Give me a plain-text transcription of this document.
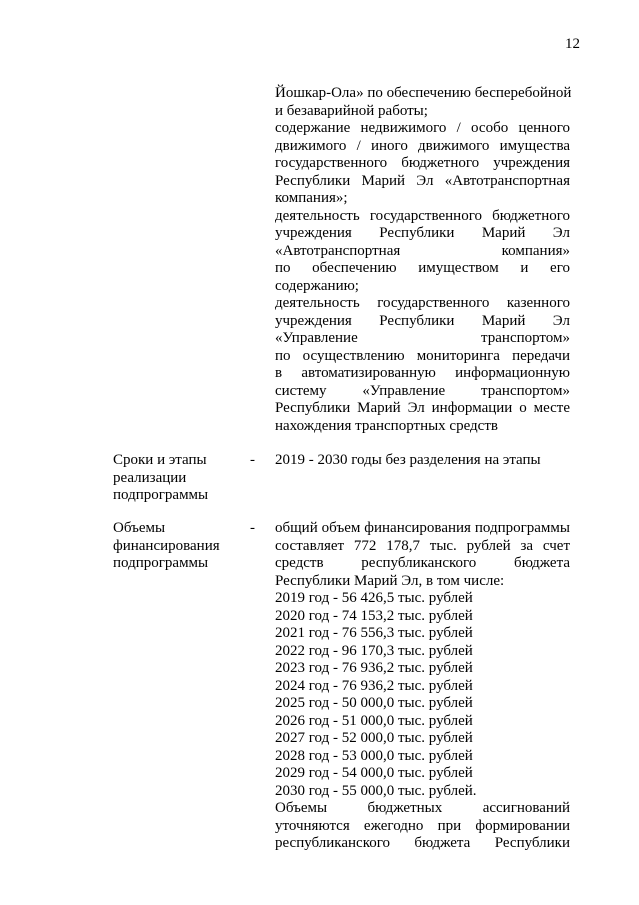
12
Йошкар-Ола» по обеспечению бесперебойной
и безаварийной работы;
содержание недвижимого / особо ценного
движимого / иного движимого имущества
государственного бюджетного учреждения
Республики Марий Эл «Автотранспортная
компания»;
деятельность государственного бюджетного
учреждения Республики Марий Эл
«Автотранспортная компания»
по обеспечению имуществом и его
содержанию;
деятельность государственного казенного
учреждения Республики Марий Эл
«Управление транспортом»
по осуществлению мониторинга передачи
в автоматизированную информационную
систему «Управление транспортом»
Республики Марий Эл информации о месте
нахождения транспортных средств
Сроки и этапы
реализации
подпрограммы
- 2019 - 2030 годы без разделения на этапы
Объемы
финансирования
подпрограммы
- общий объем финансирования подпрограммы
составляет 772 178,7 тыс. рублей за счет
средств республиканского бюджета
Республики Марий Эл, в том числе:
2019 год - 56 426,5 тыс. рублей
2020 год - 74 153,2 тыс. рублей
2021 год - 76 556,3 тыс. рублей
2022 год - 96 170,3 тыс. рублей
2023 год - 76 936,2 тыс. рублей
2024 год - 76 936,2 тыс. рублей
2025 год - 50 000,0 тыс. рублей
2026 год - 51 000,0 тыс. рублей
2027 год - 52 000,0 тыс. рублей
2028 год - 53 000,0 тыс. рублей
2029 год - 54 000,0 тыс. рублей
2030 год - 55 000,0 тыс. рублей.
Объемы бюджетных ассигнований
уточняются ежегодно при формировании
республиканского бюджета Республики
